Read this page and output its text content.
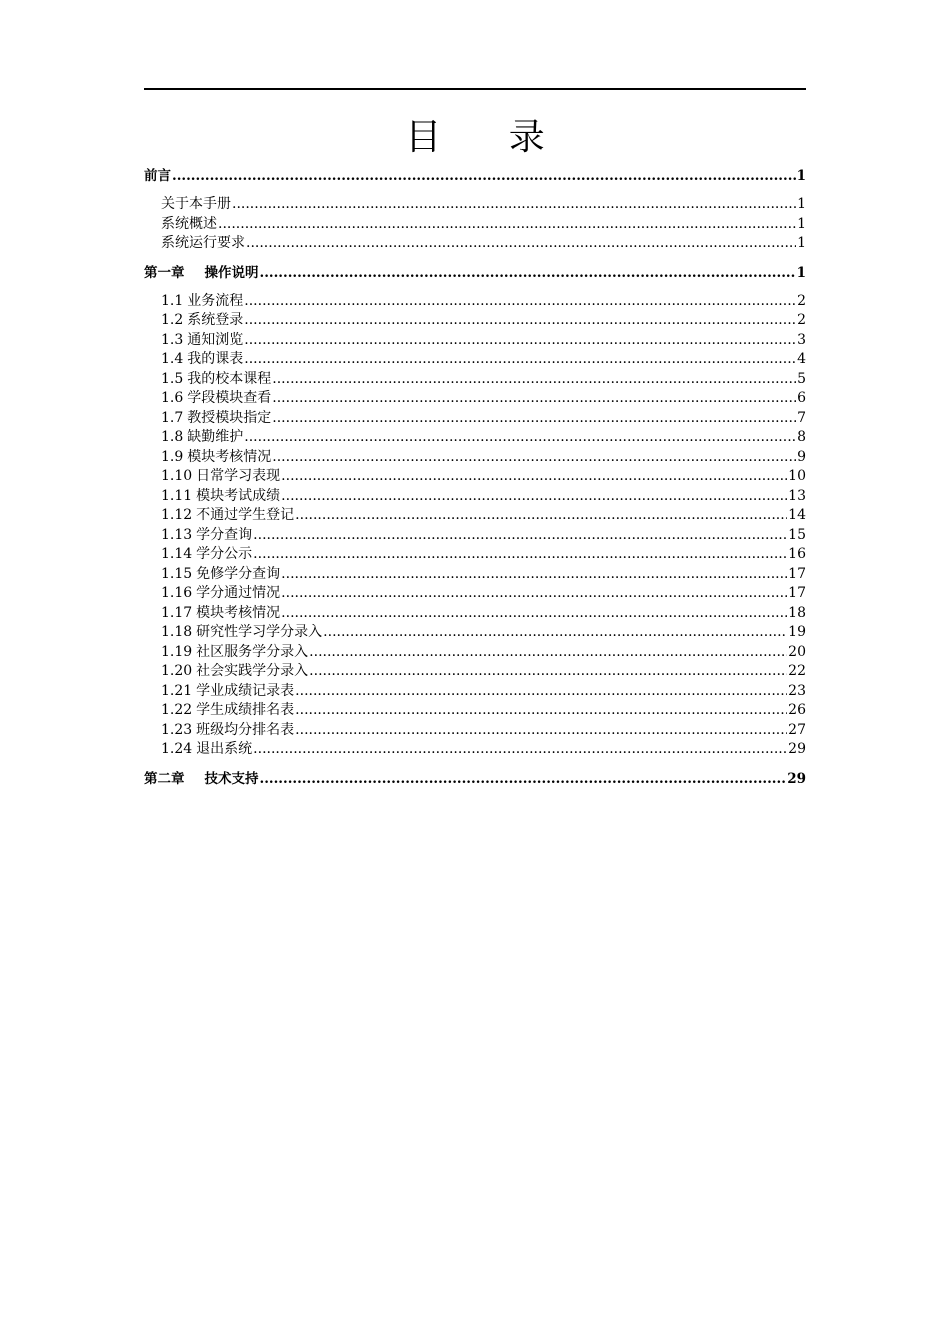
目 录
前言 .....	1
关于本手册 .....	1
系统概述 .....	1
系统运行要求 .....	1
第一章 操作说明 .....	1
1.1 业务流程 .....	2
1.2 系统登录 .....	2
1.3 通知浏览 .....	3
1.4 我的课表 .....	4
1.5 我的校本课程 .....	5
1.6 学段模块查看 .....	6
1.7 教授模块指定 .....	7
1.8 缺勤维护 .....	8
1.9 模块考核情况 .....	9
1.10 日常学习表现 .....	10
1.11 模块考试成绩 .....	13
1.12 不通过学生登记 .....	14
1.13 学分查询 .....	15
1.14 学分公示 .....	16
1.15 免修学分查询 .....	17
1.16 学分通过情况 .....	17
1.17 模块考核情况 .....	18
1.18 研究性学习学分录入 .....	19
1.19 社区服务学分录入 .....	20
1.20 社会实践学分录入 .....	22
1.21 学业成绩记录表 .....	23
1.22 学生成绩排名表 .....	26
1.23 班级均分排名表 .....	27
1.24 退出系统 .....	29
第二章 技术支持 .....	29
